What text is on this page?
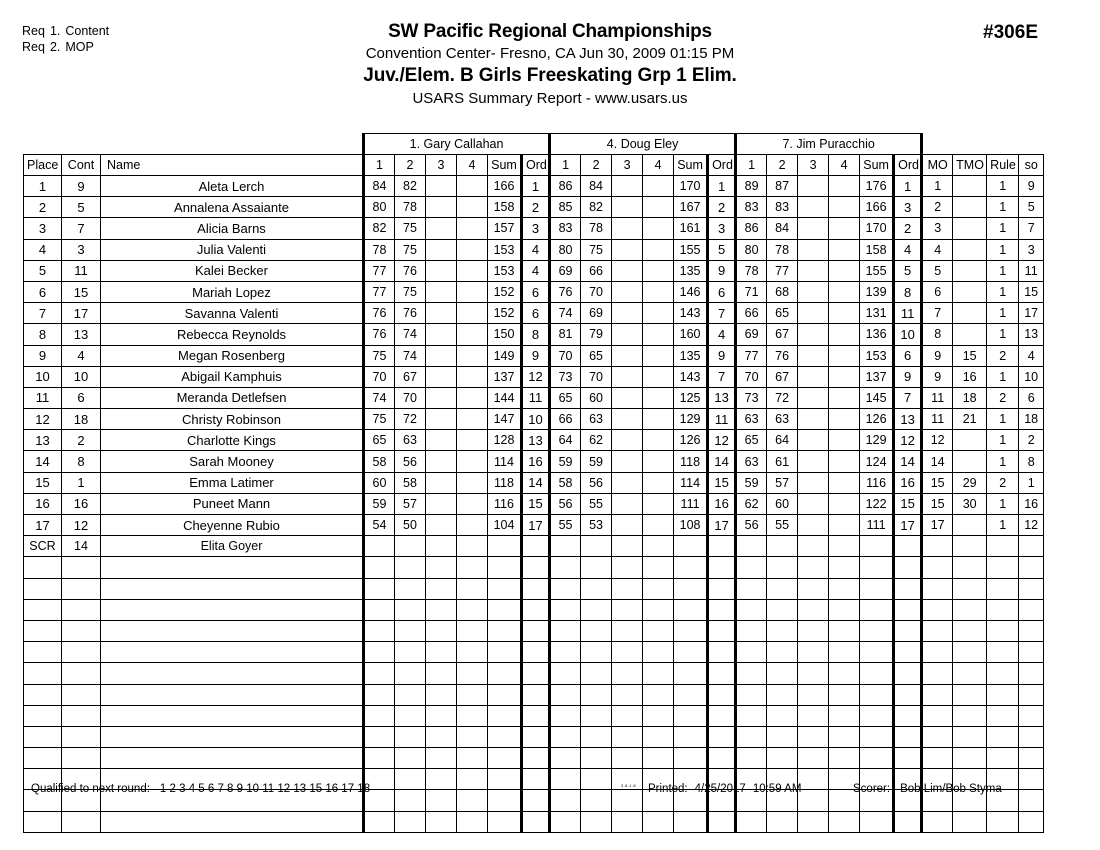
Req 1. Content
Req 2. MOP
SW Pacific Regional Championships
Convention Center- Fresno, CA Jun 30, 2009 01:15 PM
Juv./Elem. B Girls Freeskating Grp 1 Elim.
USARS Summary Report - www.usars.us
#306E
			1. Gary Callahan						4. Doug Eley						7. Jim Puracchio									
Place	Cont	Name	1	2	3	4	Sum	Ord	1	2	3	4	Sum	Ord	1	2	3	4	Sum	Ord	MO	TMO	Rule	so
1	9	Aleta Lerch	84	82			166	1	86	84			170	1	89	87			176	1	1		1	9
2	5	Annalena Assaiante	80	78			158	2	85	82			167	2	83	83			166	3	2		1	5
3	7	Alicia Barns	82	75			157	3	83	78			161	3	86	84			170	2	3		1	7
4	3	Julia Valenti	78	75			153	4	80	75			155	5	80	78			158	4	4		1	3
5	11	Kalei Becker	77	76			153	4	69	66			135	9	78	77			155	5	5		1	11
6	15	Mariah Lopez	77	75			152	6	76	70			146	6	71	68			139	8	6		1	15
7	17	Savanna Valenti	76	76			152	6	74	69			143	7	66	65			131	11	7		1	17
8	13	Rebecca Reynolds	76	74			150	8	81	79			160	4	69	67			136	10	8		1	13
9	4	Megan Rosenberg	75	74			149	9	70	65			135	9	77	76			153	6	9	15	2	4
10	10	Abigail Kamphuis	70	67			137	12	73	70			143	7	70	67			137	9	9	16	1	10
11	6	Meranda Detlefsen	74	70			144	11	65	60			125	13	73	72			145	7	11	18	2	6
12	18	Christy Robinson	75	72			147	10	66	63			129	11	63	63			126	13	11	21	1	18
13	2	Charlotte Kings	65	63			128	13	64	62			126	12	65	64			129	12	12		1	2
14	8	Sarah Mooney	58	56			114	16	59	59			118	14	63	61			124	14	14		1	8
15	1	Emma Latimer	60	58			118	14	58	56			114	15	59	57			116	16	15	29	2	1
16	16	Puneet Mann	59	57			116	15	56	55			111	16	62	60			122	15	15	30	1	16
17	12	Cheyenne Rubio	54	50			104	17	55	53			108	17	56	55			111	17	17		1	12
SCR	14	Elita Goyer																						

Qualified to next round: 1 2 3 4 5 6 7 8 9 10 11 12 13 15 16 17 18	3.8.1.8 Printed: 4/25/2017 10:59 AM	Scorer: Bob Lim/Bob Styma
